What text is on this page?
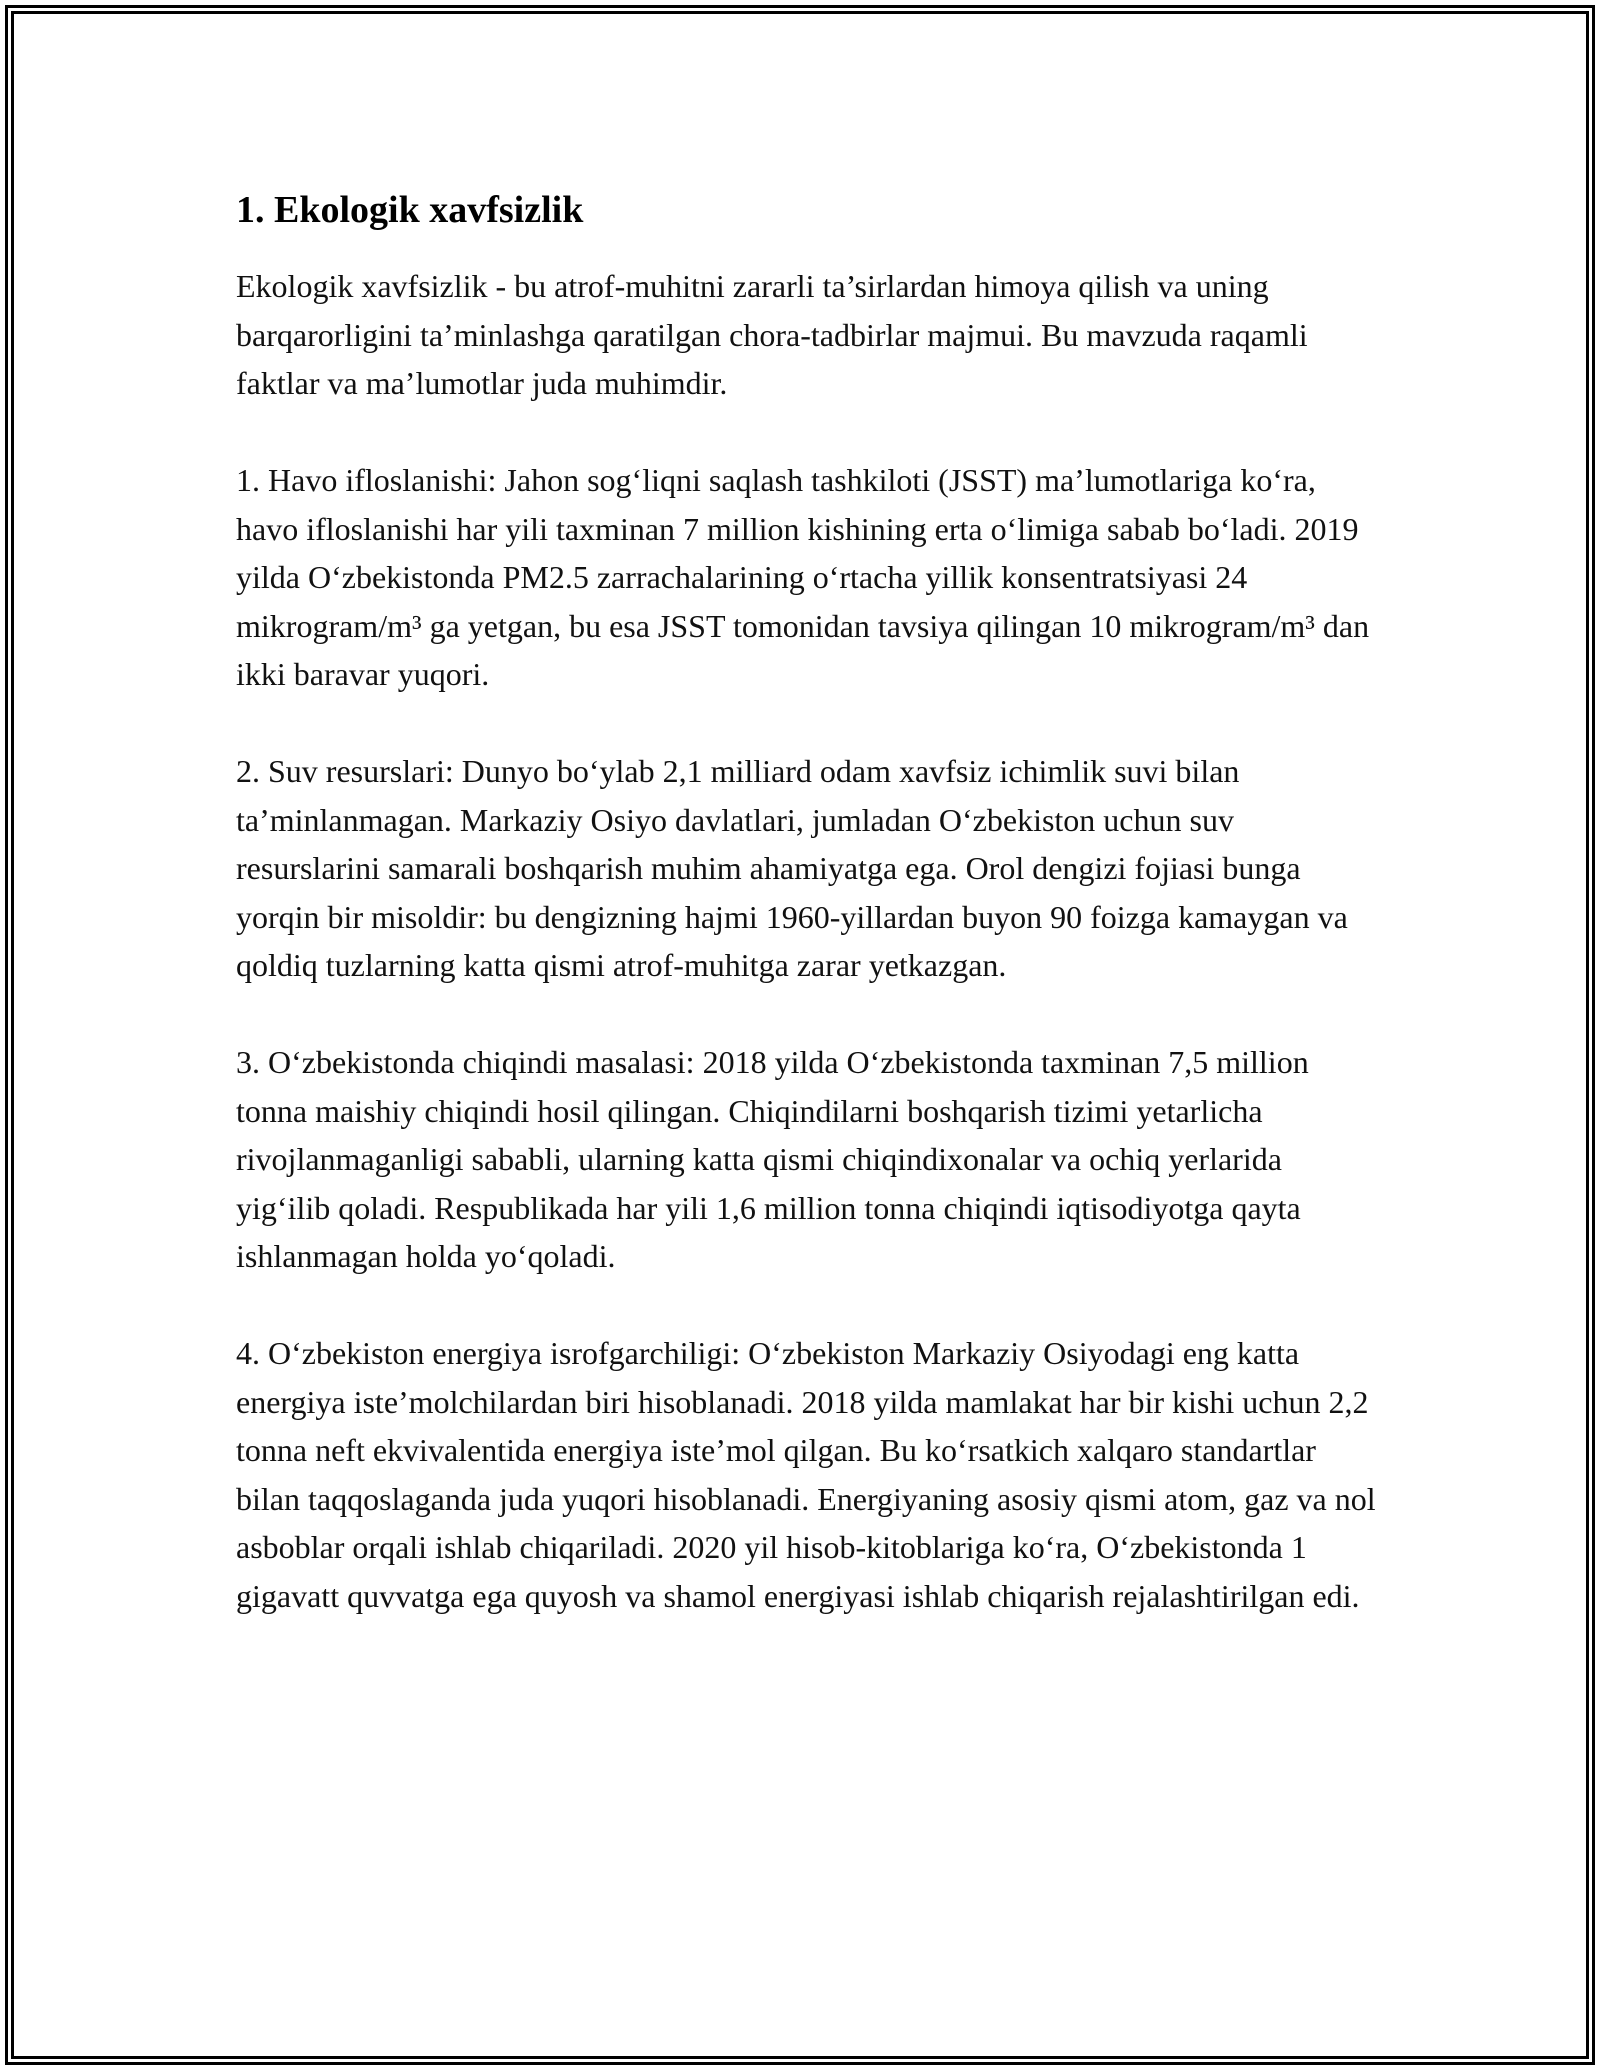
1. Ekologik xavfsizlik

Ekologik xavfsizlik - bu atrof-muhitni zararli ta’sirlardan himoya qilish va uning barqarorligini ta’minlashga qaratilgan chora-tadbirlar majmui. Bu mavzuda raqamli faktlar va ma’lumotlar juda muhimdir.

1. Havo ifloslanishi: Jahon sog‘liqni saqlash tashkiloti (JSST) ma’lumotlariga ko‘ra, havo ifloslanishi har yili taxminan 7 million kishining erta o‘limiga sabab bo‘ladi. 2019 yilda O‘zbekistonda PM2.5 zarrachalarining o‘rtacha yillik konsentratsiyasi 24 mikrogram/m³ ga yetgan, bu esa JSST tomonidan tavsiya qilingan 10 mikrogram/m³ dan ikki baravar yuqori.

2. Suv resurslari: Dunyo bo‘ylab 2,1 milliard odam xavfsiz ichimlik suvi bilan ta’minlanmagan. Markaziy Osiyo davlatlari, jumladan O‘zbekiston uchun suv resurslarini samarali boshqarish muhim ahamiyatga ega. Orol dengizi fojiasi bunga yorqin bir misoldir: bu dengizning hajmi 1960-yillardan buyon 90 foizga kamaygan va qoldiq tuzlarning katta qismi atrof-muhitga zarar yetkazgan.

3. O‘zbekistonda chiqindi masalasi: 2018 yilda O‘zbekistonda taxminan 7,5 million tonna maishiy chiqindi hosil qilingan. Chiqindilarni boshqarish tizimi yetarlicha rivojlanmaganligi sababli, ularning katta qismi chiqindixonalar va ochiq yerlarida yig‘ilib qoladi. Respublikada har yili 1,6 million tonna chiqindi iqtisodiyotga qayta ishlanmagan holda yo‘qoladi.

4. O‘zbekiston energiya isrofgarchiligi: O‘zbekiston Markaziy Osiyodagi eng katta energiya iste’molchilardan biri hisoblanadi. 2018 yilda mamlakat har bir kishi uchun 2,2 tonna neft ekvivalentida energiya iste’mol qilgan. Bu ko‘rsatkich xalqaro standartlar bilan taqqoslaganda juda yuqori hisoblanadi. Energiyaning asosiy qismi atom, gaz va nol asboblar orqali ishlab chiqariladi. 2020 yil hisob-kitoblariga ko‘ra, O‘zbekistonda 1 gigavatt quvvatga ega quyosh va shamol energiyasi ishlab chiqarish rejalashtirilgan edi.
